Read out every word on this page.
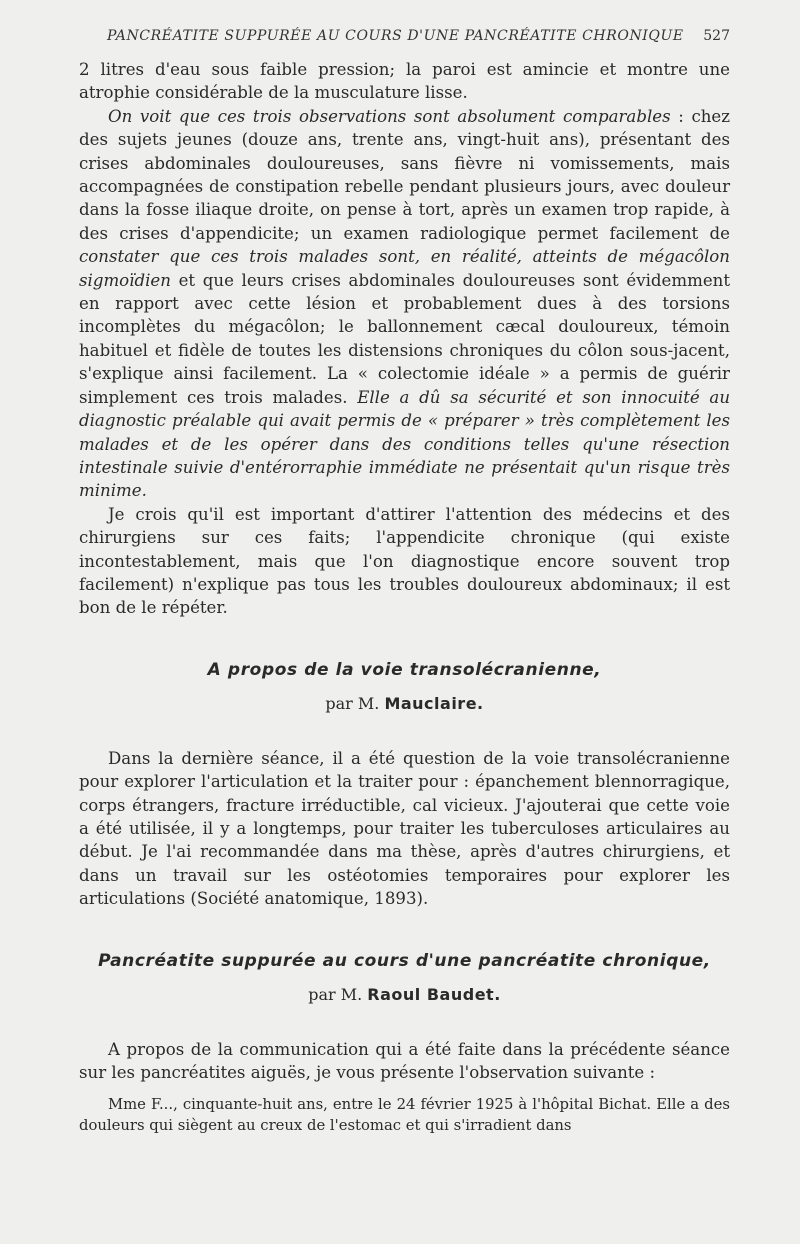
PANCRÉATITE SUPPURÉE AU COURS D'UNE PANCRÉATITE CHRONIQUE 527

2 litres d'eau sous faible pression; la paroi est amincie et montre une atrophie considérable de la musculature lisse.

On voit que ces trois observations sont absolument comparables : chez des sujets jeunes (douze ans, trente ans, vingt-huit ans), présentant des crises abdominales douloureuses, sans fièvre ni vomissements, mais accompagnées de constipation rebelle pendant plusieurs jours, avec douleur dans la fosse iliaque droite, on pense à tort, après un examen trop rapide, à des crises d'appendicite; un examen radiologique permet facilement de constater que ces trois malades sont, en réalité, atteints de mégacôlon sigmoïdien et que leurs crises abdominales douloureuses sont évidemment en rapport avec cette lésion et probablement dues à des torsions incomplètes du mégacôlon; le ballonnement cæcal douloureux, témoin habituel et fidèle de toutes les distensions chroniques du côlon sous-jacent, s'explique ainsi facilement. La « colectomie idéale » a permis de guérir simplement ces trois malades. Elle a dû sa sécurité et son innocuité au diagnostic préalable qui avait permis de « préparer » très complètement les malades et de les opérer dans des conditions telles qu'une résection intestinale suivie d'entérorraphie immédiate ne présentait qu'un risque très minime.

Je crois qu'il est important d'attirer l'attention des médecins et des chirurgiens sur ces faits; l'appendicite chronique (qui existe incontestablement, mais que l'on diagnostique encore souvent trop facilement) n'explique pas tous les troubles douloureux abdominaux; il est bon de le répéter.

A propos de la voie transolécranienne,
par M. Mauclaire.

Dans la dernière séance, il a été question de la voie transolécranienne pour explorer l'articulation et la traiter pour : épanchement blennorragique, corps étrangers, fracture irréductible, cal vicieux. J'ajouterai que cette voie a été utilisée, il y a longtemps, pour traiter les tuberculoses articulaires au début. Je l'ai recommandée dans ma thèse, après d'autres chirurgiens, et dans un travail sur les ostéotomies temporaires pour explorer les articulations (Société anatomique, 1893).

Pancréatite suppurée au cours d'une pancréatite chronique,
par M. Raoul Baudet.

A propos de la communication qui a été faite dans la précédente séance sur les pancréatites aiguës, je vous présente l'observation suivante :

Mme F..., cinquante-huit ans, entre le 24 février 1925 à l'hôpital Bichat. Elle a des douleurs qui siègent au creux de l'estomac et qui s'irradient dans
